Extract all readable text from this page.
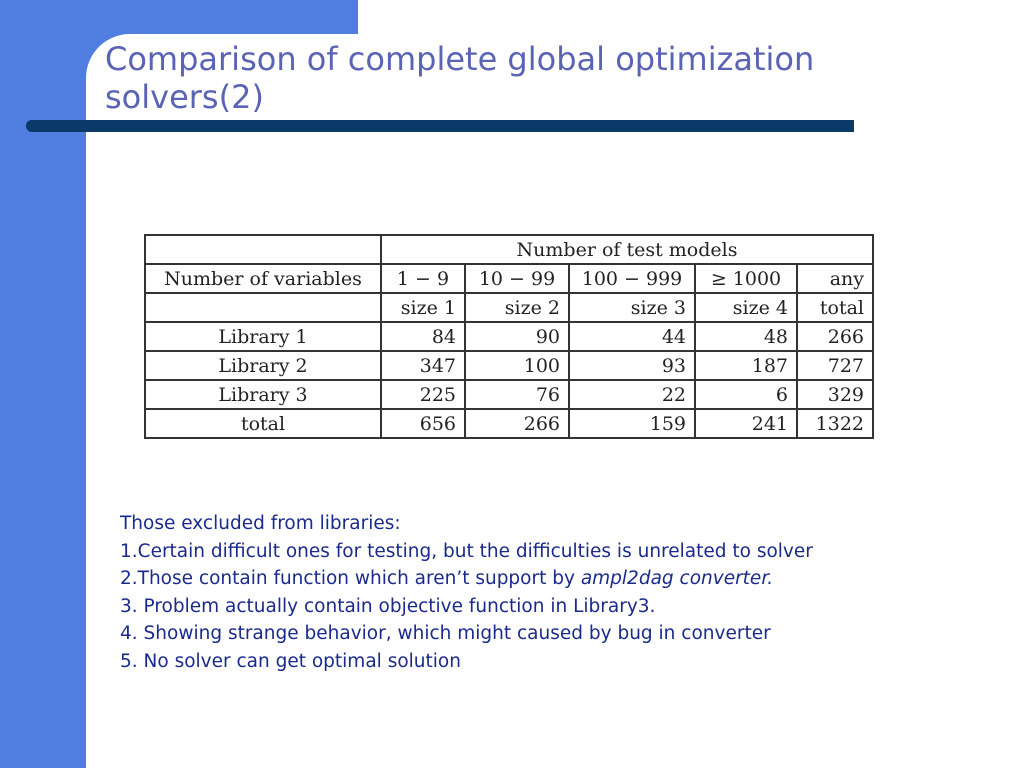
Comparison of complete global optimization solvers(2)
	Number of test models				
Number of variables	1 − 9	10 − 99	100 − 999	≥ 1000	any
	size 1	size 2	size 3	size 4	total
Library 1	84	90	44	48	266
Library 2	347	100	93	187	727
Library 3	225	76	22	6	329
total	656	266	159	241	1322
Those excluded from libraries:
1.Certain difficult ones for testing, but the difficulties is unrelated to solver
2.Those contain function which aren’t support by ampl2dag converter.
3. Problem actually contain objective function in Library3.
4. Showing strange behavior, which might caused by bug in converter
5. No solver can get optimal solution
